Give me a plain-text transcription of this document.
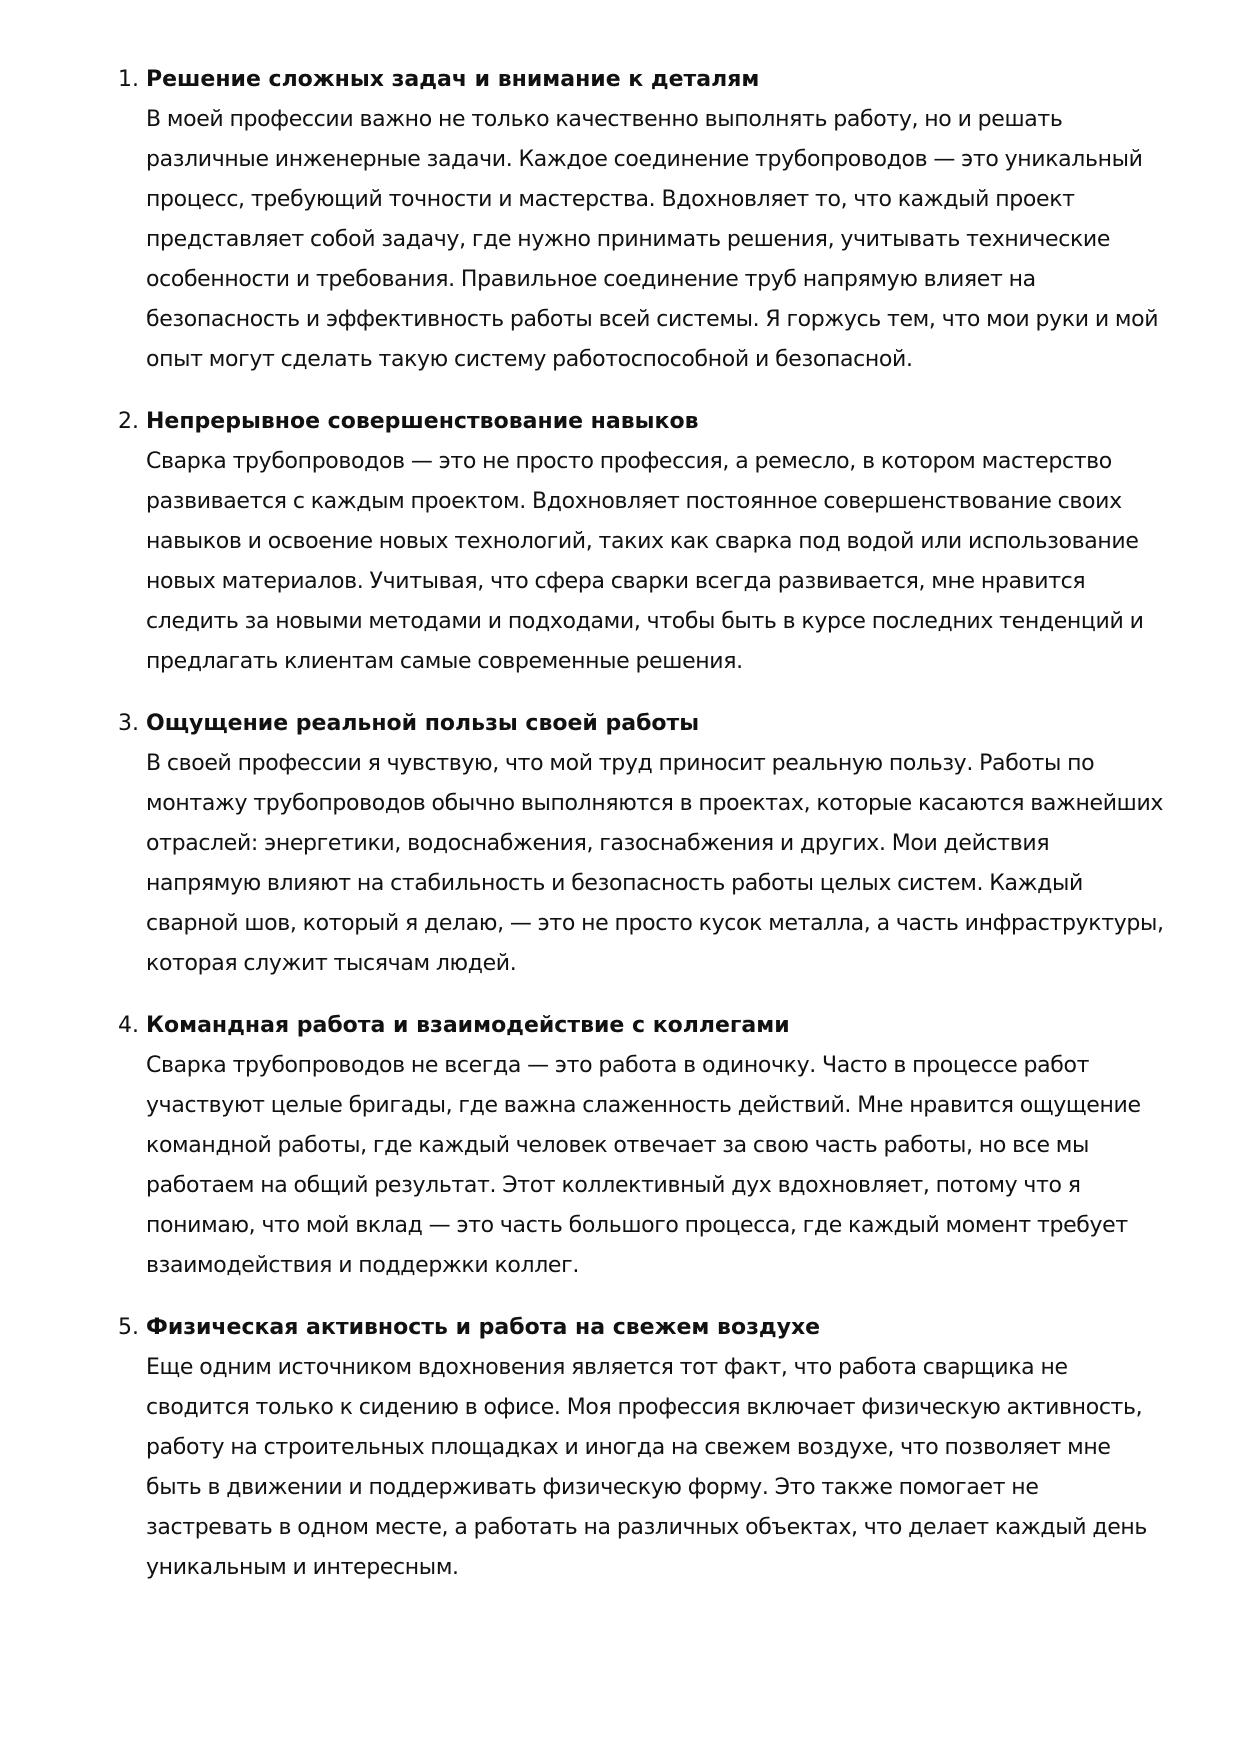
1. Решение сложных задач и внимание к деталям

В моей профессии важно не только качественно выполнять работу, но и решать различные инженерные задачи. Каждое соединение трубопроводов — это уникальный процесс, требующий точности и мастерства. Вдохновляет то, что каждый проект представляет собой задачу, где нужно принимать решения, учитывать технические особенности и требования. Правильное соединение труб напрямую влияет на безопасность и эффективность работы всей системы. Я горжусь тем, что мои руки и мой опыт могут сделать такую систему работоспособной и безопасной.

2. Непрерывное совершенствование навыков

Сварка трубопроводов — это не просто профессия, а ремесло, в котором мастерство развивается с каждым проектом. Вдохновляет постоянное совершенствование своих навыков и освоение новых технологий, таких как сварка под водой или использование новых материалов. Учитывая, что сфера сварки всегда развивается, мне нравится следить за новыми методами и подходами, чтобы быть в курсе последних тенденций и предлагать клиентам самые современные решения.

3. Ощущение реальной пользы своей работы

В своей профессии я чувствую, что мой труд приносит реальную пользу. Работы по монтажу трубопроводов обычно выполняются в проектах, которые касаются важнейших отраслей: энергетики, водоснабжения, газоснабжения и других. Мои действия напрямую влияют на стабильность и безопасность работы целых систем. Каждый сварной шов, который я делаю, — это не просто кусок металла, а часть инфраструктуры, которая служит тысячам людей.

4. Командная работа и взаимодействие с коллегами

Сварка трубопроводов не всегда — это работа в одиночку. Часто в процессе работ участвуют целые бригады, где важна слаженность действий. Мне нравится ощущение командной работы, где каждый человек отвечает за свою часть работы, но все мы работаем на общий результат. Этот коллективный дух вдохновляет, потому что я понимаю, что мой вклад — это часть большого процесса, где каждый момент требует взаимодействия и поддержки коллег.

5. Физическая активность и работа на свежем воздухе

Еще одним источником вдохновения является тот факт, что работа сварщика не сводится только к сидению в офисе. Моя профессия включает физическую активность, работу на строительных площадках и иногда на свежем воздухе, что позволяет мне быть в движении и поддерживать физическую форму. Это также помогает не застревать в одном месте, а работать на различных объектах, что делает каждый день уникальным и интересным.
